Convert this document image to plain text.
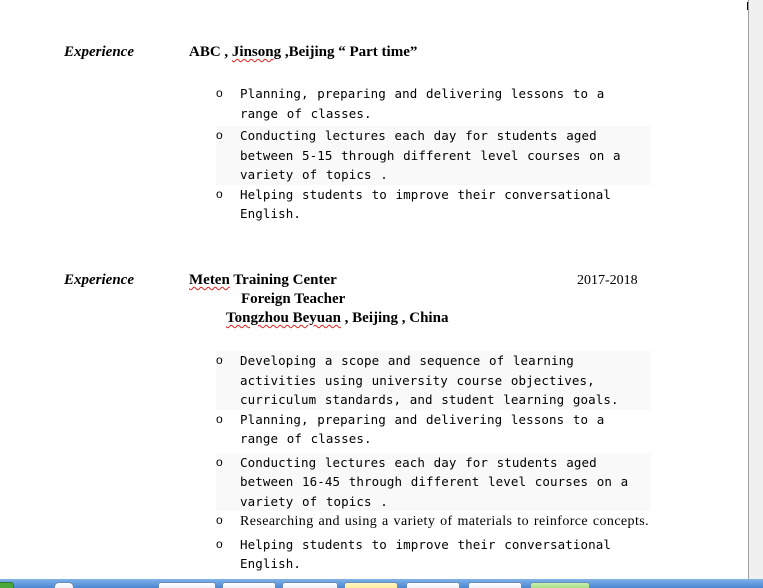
Experience	ABC , Jinsong ,Beijing “ Part time”
o Planning, preparing and delivering lessons to a range of classes.
o Conducting lectures each day for students aged between 5-15 through different level courses on a variety of topics .
o Helping students to improve their conversational English.
Experience	Meten Training Center	2017-2018
Foreign Teacher
Tongzhou Beyuan , Beijing , China
o Developing a scope and sequence of learning activities using university course objectives, curriculum standards, and student learning goals.
o Planning, preparing and delivering lessons to a range of classes.
o Conducting lectures each day for students aged between 16-45 through different level courses on a variety of topics .
o Researching and using a variety of materials to reinforce concepts.
o Helping students to improve their conversational English.
